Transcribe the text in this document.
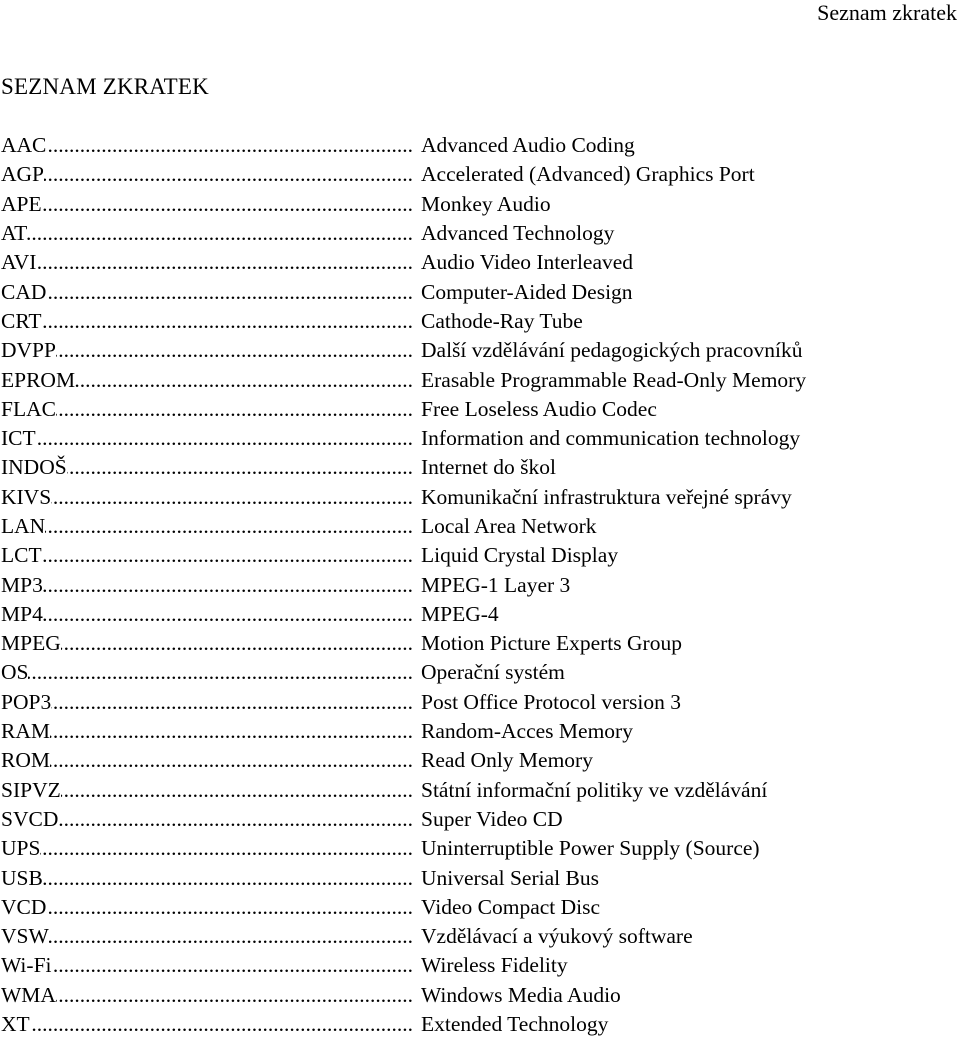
Seznam zkratek
SEZNAM ZKRATEK
AAC .....	Advanced Audio Coding
AGP .....	Accelerated (Advanced) Graphics Port
APE .....	Monkey Audio
AT .....	Advanced Technology
AVI .....	Audio Video Interleaved
CAD .....	Computer-Aided Design
CRT .....	Cathode-Ray Tube
DVPP .....	Další vzdělávání pedagogických pracovníků
EPROM .....	Erasable Programmable Read-Only Memory
FLAC .....	Free Loseless Audio Codec
ICT .....	Information and communication technology
INDOŠ .....	Internet do škol
KIVS .....	Komunikační infrastruktura veřejné správy
LAN .....	Local Area Network
LCT .....	Liquid Crystal Display
MP3 .....	MPEG-1 Layer 3
MP4 .....	MPEG-4
MPEG .....	Motion Picture Experts Group
OS .....	Operační systém
POP3 .....	Post Office Protocol version 3
RAM .....	Random-Acces Memory
ROM .....	Read Only Memory
SIPVZ .....	Státní informační politiky ve vzdělávání
SVCD .....	Super Video CD
UPS .....	Uninterruptible Power Supply (Source)
USB .....	Universal Serial Bus
VCD .....	Video Compact Disc
VSW .....	Vzdělávací a výukový software
Wi-Fi .....	Wireless Fidelity
WMA .....	Windows Media Audio
XT .....	Extended Technology
